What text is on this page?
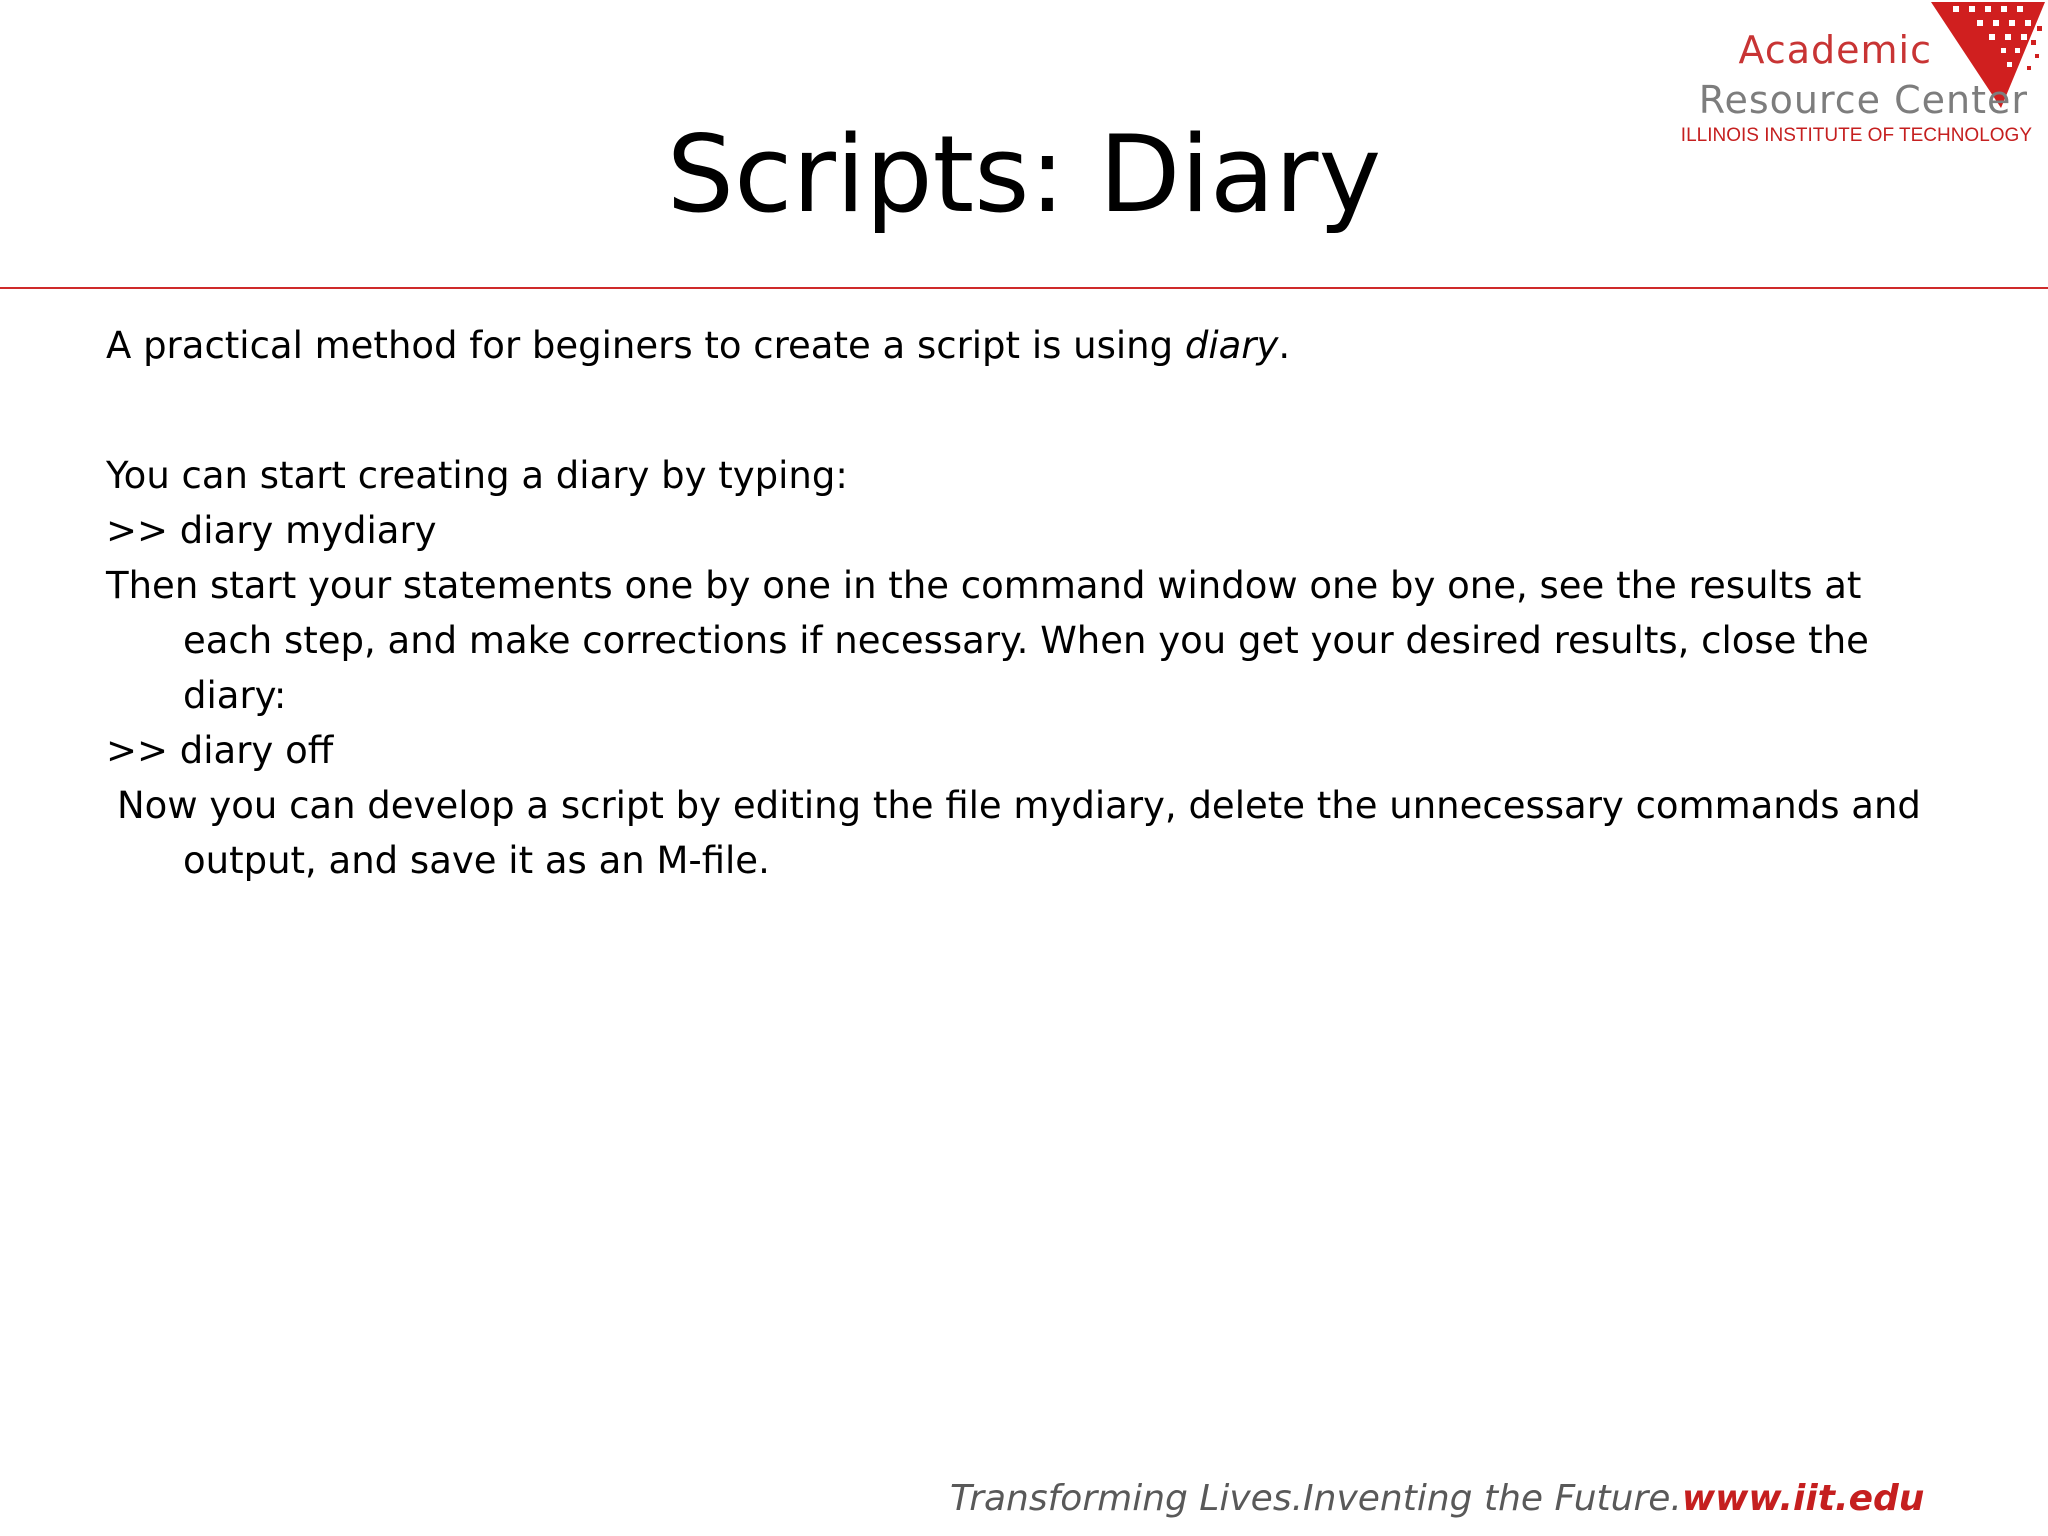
Academic
Resource Center
ILLINOIS INSTITUTE OF TECHNOLOGY
Scripts: Diary

A practical method for beginers to create a script is using diary.

You can start creating a diary by typing:

>> diary mydiary

Then start your statements one by one in the command window one by one, see the results at each step, and make corrections if necessary. When you get your desired results, close the diary:

>> diary off

Now you can develop a script by editing the file mydiary, delete the unnecessary commands and output, and save it as an M-file.

Transforming Lives.Inventing the Future.www.iit.edu
